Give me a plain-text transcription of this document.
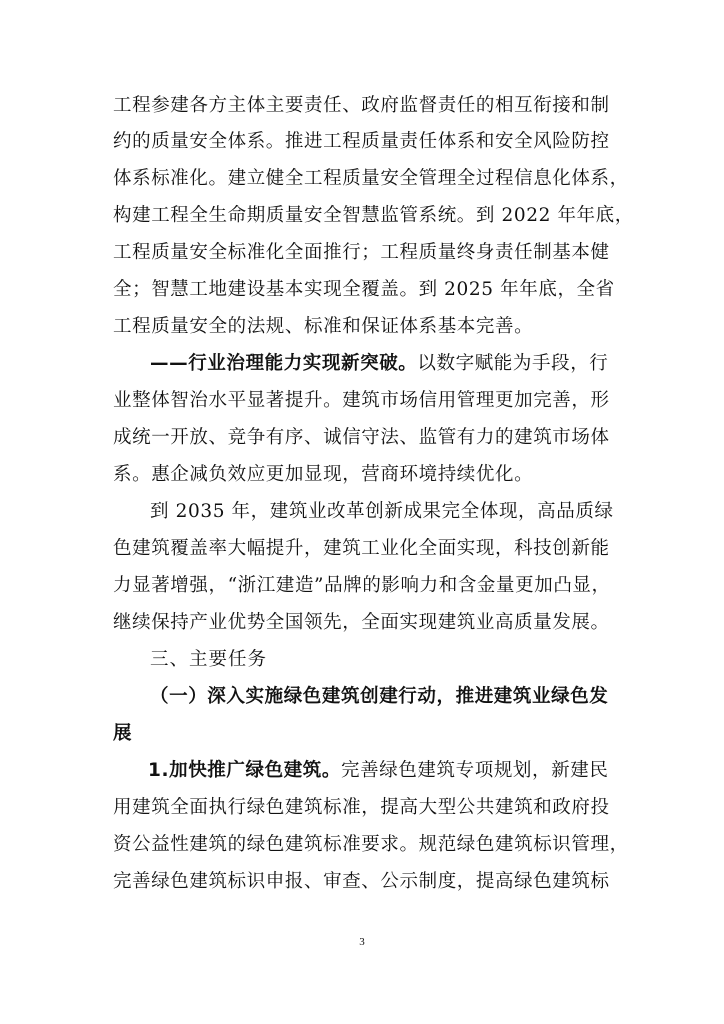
工程参建各方主体主要责任、政府监督责任的相互衔接和制
约的质量安全体系。推进工程质量责任体系和安全风险防控
体系标准化。建立健全工程质量安全管理全过程信息化体系，
构建工程全生命期质量安全智慧监管系统。到 2022 年年底，
工程质量安全标准化全面推行；工程质量终身责任制基本健
全；智慧工地建设基本实现全覆盖。到 2025 年年底，全省
工程质量安全的法规、标准和保证体系基本完善。
——行业治理能力实现新突破。以数字赋能为手段，行
业整体智治水平显著提升。建筑市场信用管理更加完善，形
成统一开放、竞争有序、诚信守法、监管有力的建筑市场体
系。惠企减负效应更加显现，营商环境持续优化。
到 2035 年，建筑业改革创新成果完全体现，高品质绿
色建筑覆盖率大幅提升，建筑工业化全面实现，科技创新能
力显著增强，“浙江建造”品牌的影响力和含金量更加凸显，
继续保持产业优势全国领先，全面实现建筑业高质量发展。
三、主要任务
（一）深入实施绿色建筑创建行动，推进建筑业绿色发
展
1.加快推广绿色建筑。完善绿色建筑专项规划，新建民
用建筑全面执行绿色建筑标准，提高大型公共建筑和政府投
资公益性建筑的绿色建筑标准要求。规范绿色建筑标识管理，
完善绿色建筑标识申报、审查、公示制度，提高绿色建筑标
3
